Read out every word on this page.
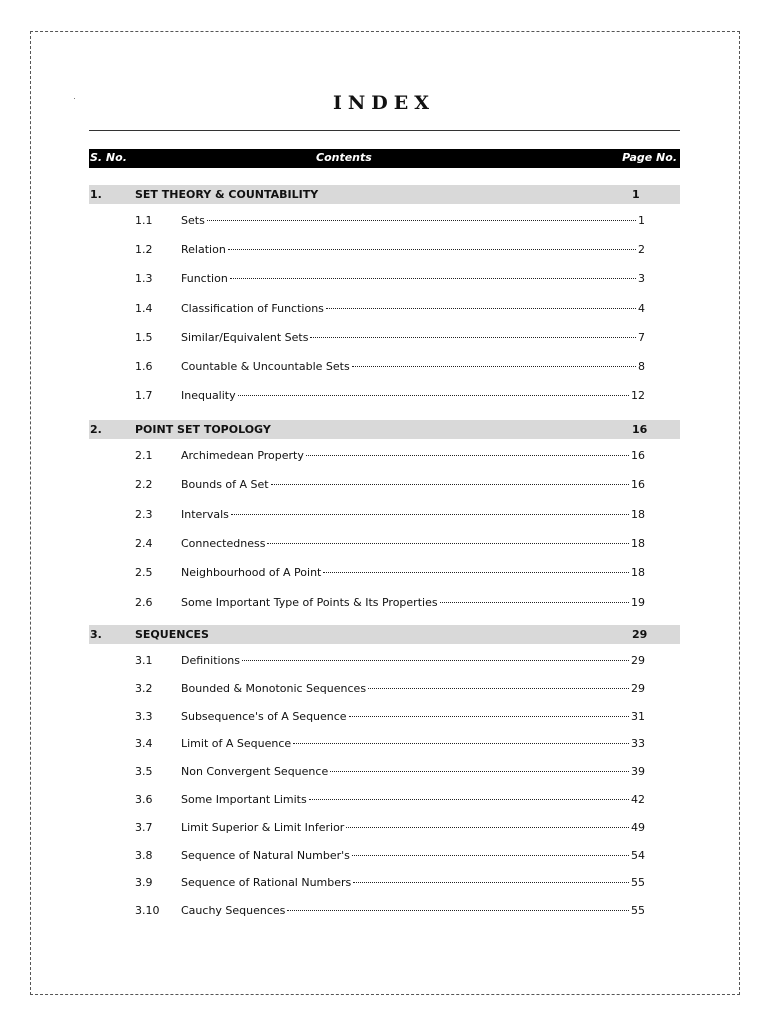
INDEX
S. No.	Contents	Page No.
1.	SET THEORY & COUNTABILITY	1
1.1	Sets	1
1.2	Relation	2
1.3	Function	3
1.4	Classification of Functions	4
1.5	Similar/Equivalent Sets	7
1.6	Countable & Uncountable Sets	8
1.7	Inequality	12
2.	POINT SET TOPOLOGY	16
2.1	Archimedean Property	16
2.2	Bounds of A Set	16
2.3	Intervals	18
2.4	Connectedness	18
2.5	Neighbourhood of A Point	18
2.6	Some Important Type of Points & Its Properties	19
3.	SEQUENCES	29
3.1	Definitions	29
3.2	Bounded & Monotonic Sequences	29
3.3	Subsequence's of A Sequence	31
3.4	Limit of A Sequence	33
3.5	Non Convergent Sequence	39
3.6	Some Important Limits	42
3.7	Limit Superior & Limit Inferior	49
3.8	Sequence of Natural Number's	54
3.9	Sequence of Rational Numbers	55
3.10 Cauchy Sequences	55
